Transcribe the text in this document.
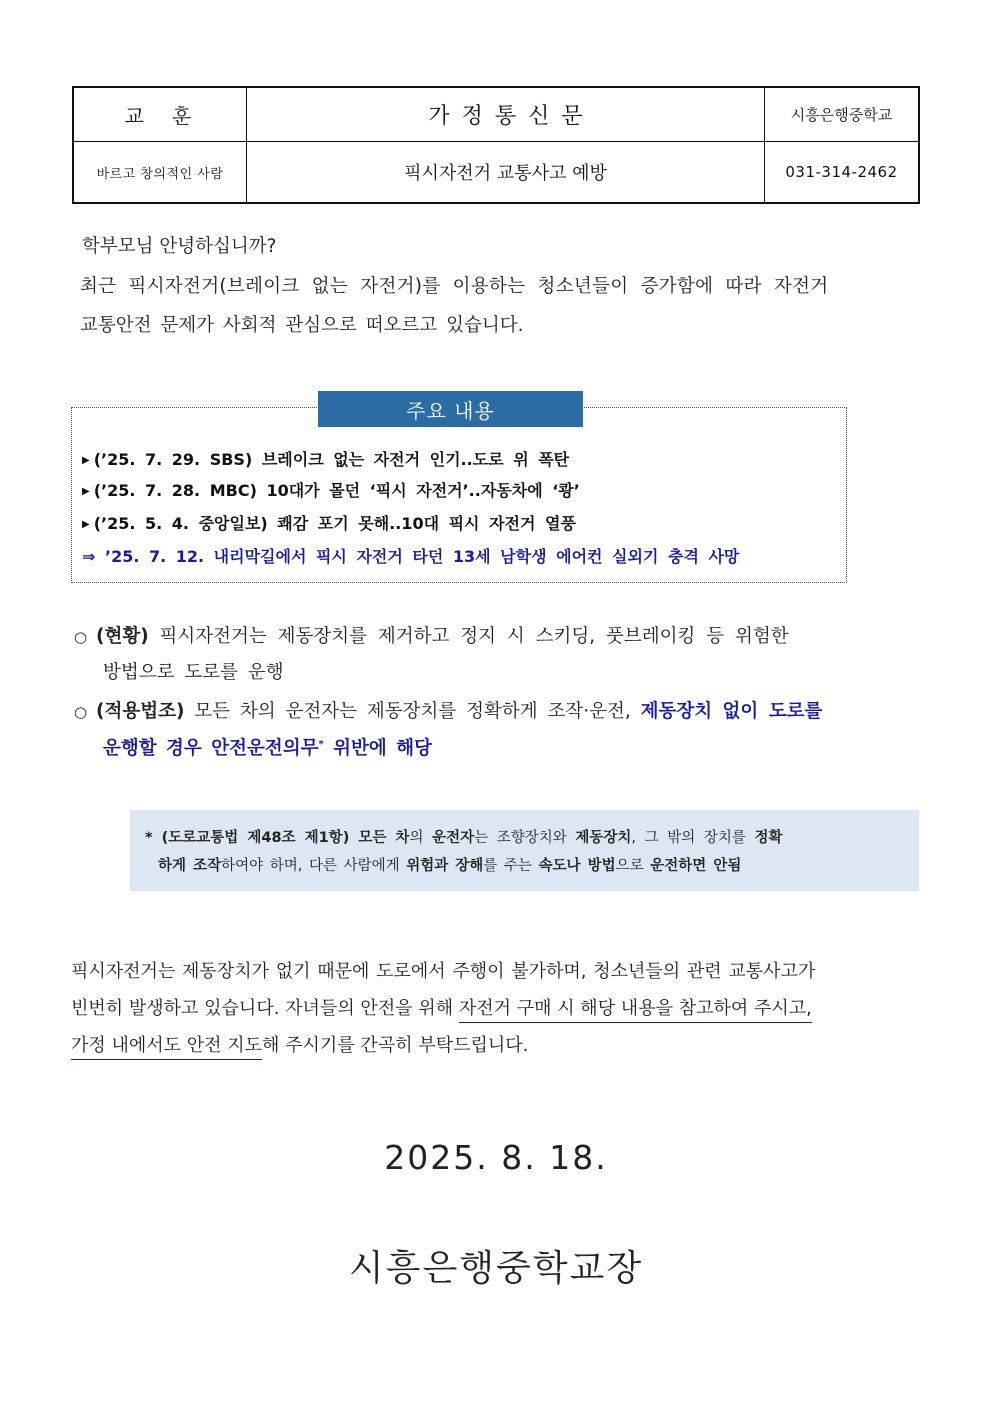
교훈	가정통신문	시흥은행중학교
바르고 창의적인 사람	픽시자전거 교통사고 예방	031-314-2462
학부모님 안녕하십니까?
최근 픽시자전거(브레이크 없는 자전거)를 이용하는 청소년들이 증가함에 따라 자전거
교통안전 문제가 사회적 관심으로 떠오르고 있습니다.
주요 내용
▶ (’25. 7. 29. SBS) 브레이크 없는 자전거 인기..도로 위 폭탄
▶ (’25. 7. 28. MBC) 10대가 몰던 ‘픽시 자전거’..자동차에 ‘쾅’
▶ (’25. 5. 4. 중앙일보) 쾌감 포기 못해..10대 픽시 자전거 열풍
⇒ ’25. 7. 12. 내리막길에서 픽시 자전거 타던 13세 남학생 에어컨 실외기 충격 사망
○ (현황) 픽시자전거는 제동장치를 제거하고 정지 시 스키딩, 풋브레이킹 등 위험한
방법으로 도로를 운행
○ (적용법조) 모든 차의 운전자는 제동장치를 정확하게 조작·운전, 제동장치 없이 도로를
운행할 경우 안전운전의무* 위반에 해당
* (도로교통법 제48조 제1항) 모든 차의 운전자는 조향장치와 제동장치, 그 밖의 장치를 정확
하게 조작하여야 하며, 다른 사람에게 위험과 장해를 주는 속도나 방법으로 운전하면 안됨
픽시자전거는 제동장치가 없기 때문에 도로에서 주행이 불가하며, 청소년들의 관련 교통사고가
빈번히 발생하고 있습니다. 자녀들의 안전을 위해 자전거 구매 시 해당 내용을 참고하여 주시고,
가정 내에서도 안전 지도해 주시기를 간곡히 부탁드립니다.
2025. 8. 18.
시흥은행중학교장
